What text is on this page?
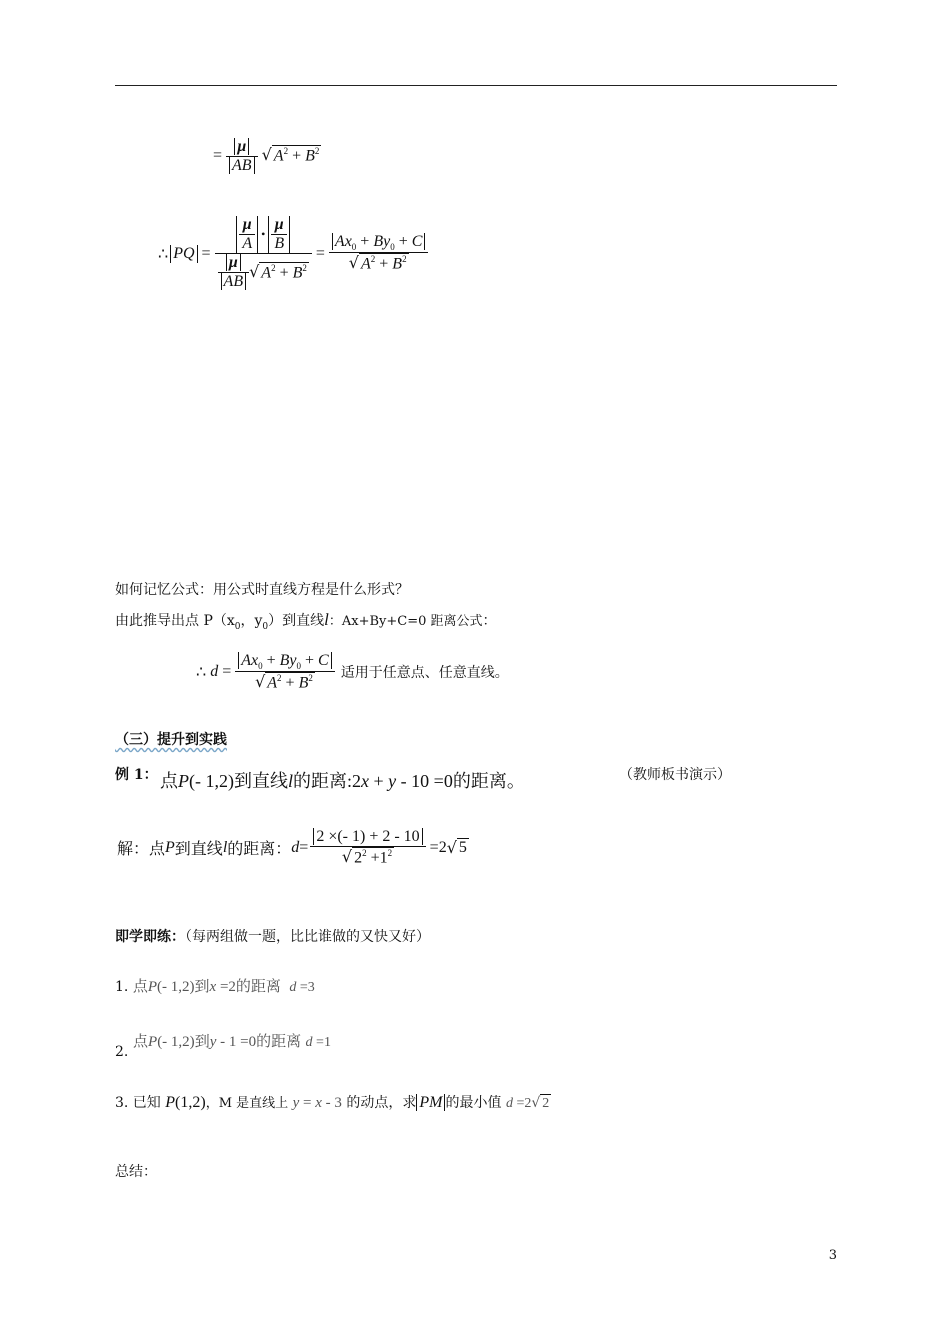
= $\frac{\mu}{AB}$
√ $A^2 + B^2$
∴ PQ = $\frac{\frac{\mu}{A} • \frac{\mu}{B}}{\frac{\mu}{AB} √ A^2 + B^2} = \frac{Ax_0 + By_0 + C}{√ A^2 + B^2}$
如何记忆公式：用公式时直线方程是什么形式？
由此推导出点 $P(x_0$，$y_0$）到直线l：Ax+By+C=0 距离公式：
∴ $d = \frac{Ax_0 + By_0 + C}{√ A^2 + B^2}$ 适用于任意点、任意直线。
（三）提升到实践
例 1： 点P(- 1,2)到直线l的距离:2x + y - 10 =0的距离。	（教师板书演示）
解：点 P 到直线 l 的距离： $d = \frac{2 \times(- 1) + 2 - 10}{√ 2^2 +1^2} =2$ √ 5
即学即练：（每两组做一题，比比谁做的又快又好）
1. 点P(- 1,2)到x =2的距离 d =3
点P(- 1,2)到y - 1 =0的距离 d =1
2.
3. 已知 P(1,2)，M 是直线上 y = x - 3 的动点，求 PM 的最小值 d =2 √ 2
总结：
3
